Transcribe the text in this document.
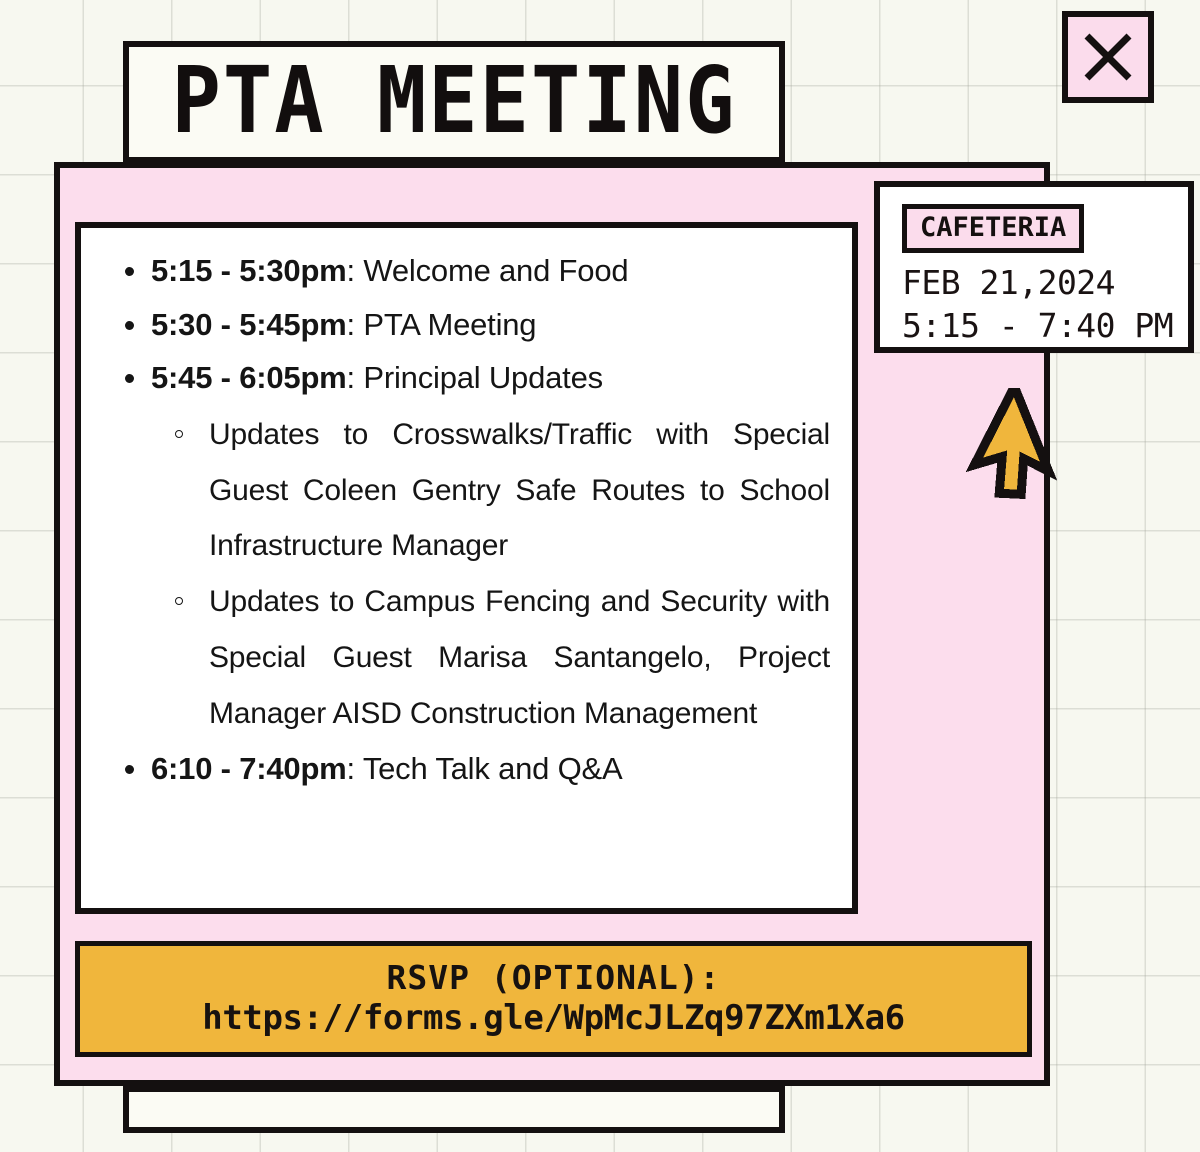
PTA MEETING
5:15 - 5:30pm: Welcome and Food
5:30 - 5:45pm: PTA Meeting
5:45 - 6:05pm: Principal Updates
Updates to Crosswalks/Traffic with Special Guest Coleen Gentry Safe Routes to School Infrastructure Manager
Updates to Campus Fencing and Security with Special Guest Marisa Santangelo, Project Manager AISD Construction Management
6:10 - 7:40pm: Tech Talk and Q&A
RSVP (OPTIONAL):
https://forms.gle/WpMcJLZq97ZXm1Xa6
CAFETERIA
FEB 21,2024
5:15 - 7:40 PM
